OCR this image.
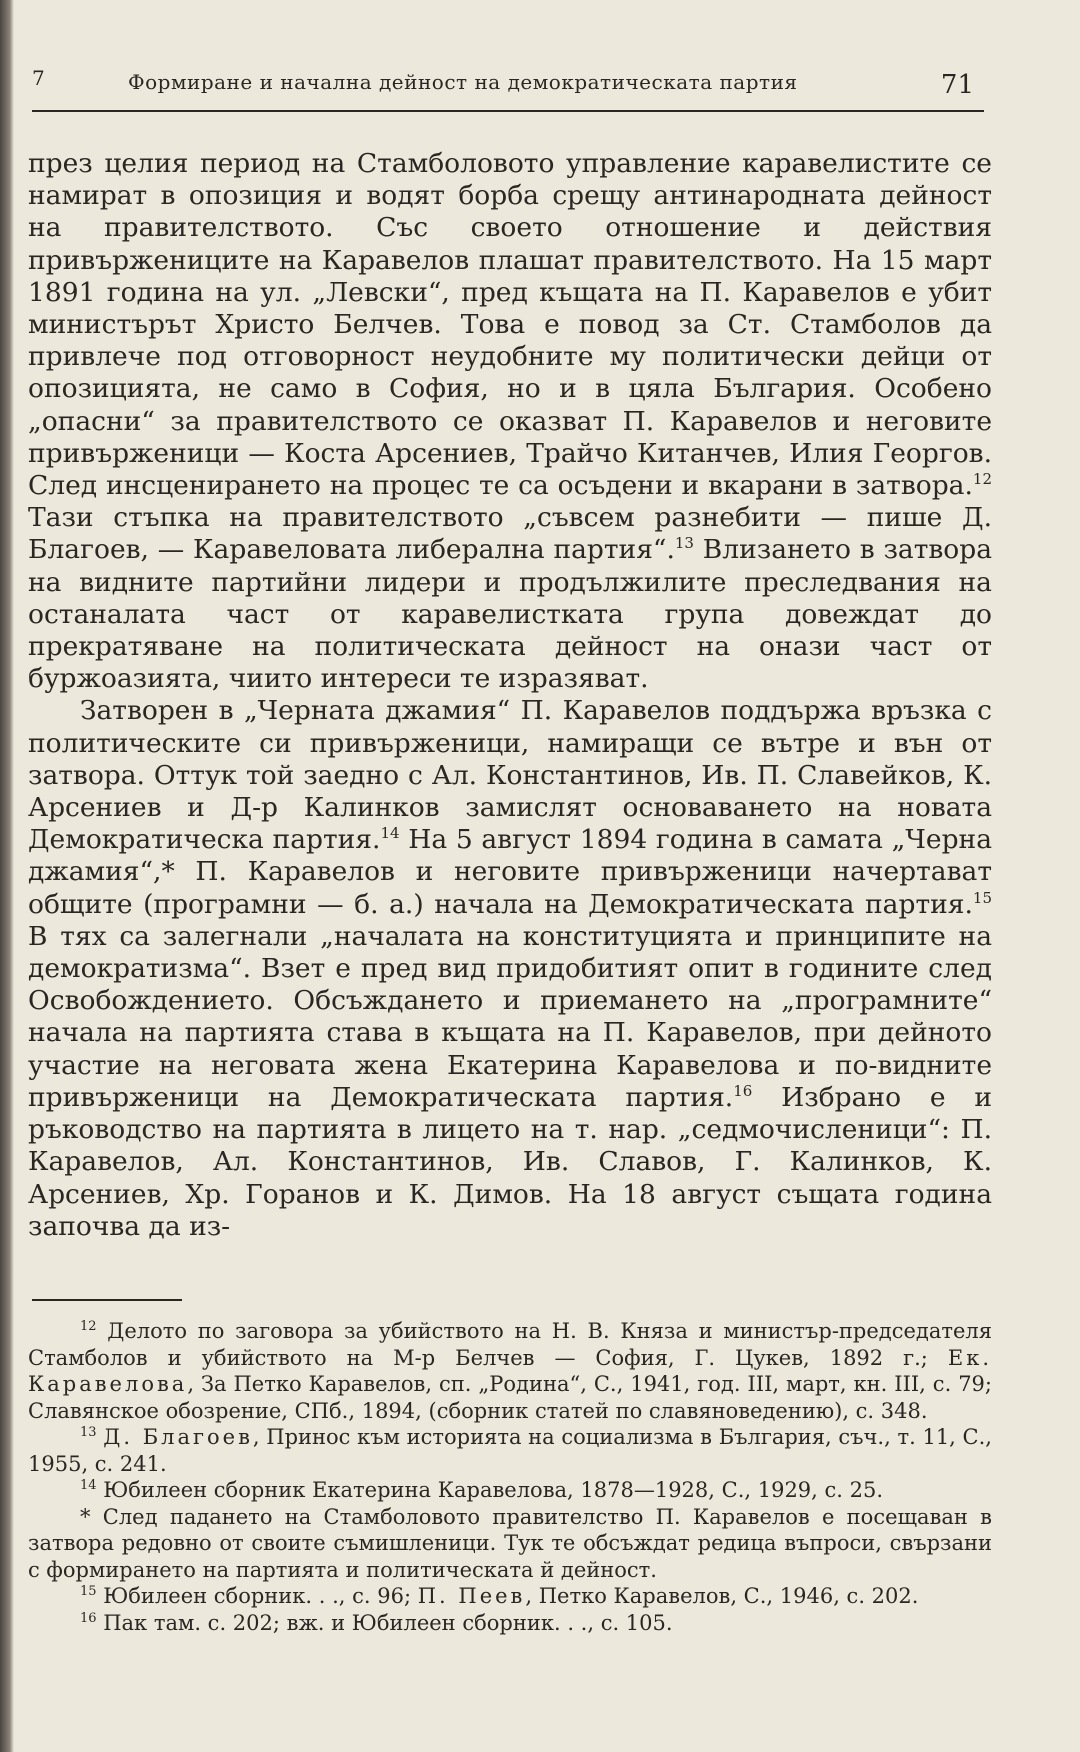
7	Формиране и начална дейност на демократическата партия	71

през целия период на Стамболовото управление каравелистите се намират в опозиция и водят борба срещу антинародната дейност на правителството. Със своето отношение и действия привържениците на Каравелов плашат правителството. На 15 март 1891 година на ул. „Левски“, пред къщата на П. Каравелов е убит министърът Христо Белчев. Това е повод за Ст. Стамболов да привлече под отговорност неудобните му политически дейци от опозицията, не само в София, но и в цяла България. Особено „опасни“ за правителството се оказват П. Каравелов и неговите привърженици — Коста Арсениев, Трайчо Китанчев, Илия Георгов. След инсценирането на процес те са осъдени и вкарани в затвора.$^{12}$ Тази стъпка на правителството „съвсем разнебити — пише Д. Благоев, — Каравеловата либерална партия“.$^{13}$ Влизането в затвора на видните партийни лидери и продължилите преследвания на останалата част от каравелистката група довеждат до прекратяване на политическата дейност на онази част от буржоазията, чиито интереси те изразяват.

Затворен в „Черната джамия“ П. Каравелов поддържа връзка с политическите си привърженици, намиращи се вътре и вън от затвора. Оттук той заедно с Ал. Константинов, Ив. П. Славейков, К. Арсениев и Д-р Калинков замислят основаването на новата Демократическа партия.$^{14}$ На 5 август 1894 година в самата „Черна джамия“,* П. Каравелов и неговите привърженици начертават общите (програмни — б. а.) начала на Демократическата партия.$^{15}$ В тях са залегнали „началата на конституцията и принципите на демократизма“. Взет е пред вид придобитият опит в годините след Освобождението. Обсъждането и приемането на „програмните“ начала на партията става в къщата на П. Каравелов, при дейното участие на неговата жена Екатерина Каравелова и по-видните привърженици на Демократическата партия.$^{16}$ Избрано е и ръководство на партията в лицето на т. нар. „седмочисленици“: П. Каравелов, Ал. Константинов, Ив. Славов, Г. Калинков, К. Арсениев, Хр. Горанов и К. Димов. На 18 август същата година започва да из-

$^{12}$ Делото по заговора за убийството на Н. В. Княза и министър-председателя Стамболов и убийството на М-р Белчев — София, Г. Цукев, 1892 г.; Ек. Каравелова, За Петко Каравелов, сп. „Родина“, С., 1941, год. III, март, кн. III, с. 79; Славянское обозрение, СПб., 1894, (сборник статей по славяноведению), с. 348.

$^{13}$ Д. Благоев, Принос към историята на социализма в България, съч., т. 11, С., 1955, с. 241.

$^{14}$ Юбилеен сборник Екатерина Каравелова, 1878—1928, С., 1929, с. 25.

* След падането на Стамболовото правителство П. Каравелов е посещаван в затвора редовно от своите съмишленици. Тук те обсъждат редица въпроси, свързани с формирането на партията и политическата й дейност.

$^{15}$ Юбилеен сборник. . ., с. 96; П. Пеев, Петко Каравелов, С., 1946, с. 202.

$^{16}$ Пак там. с. 202; вж. и Юбилеен сборник. . ., с. 105.
